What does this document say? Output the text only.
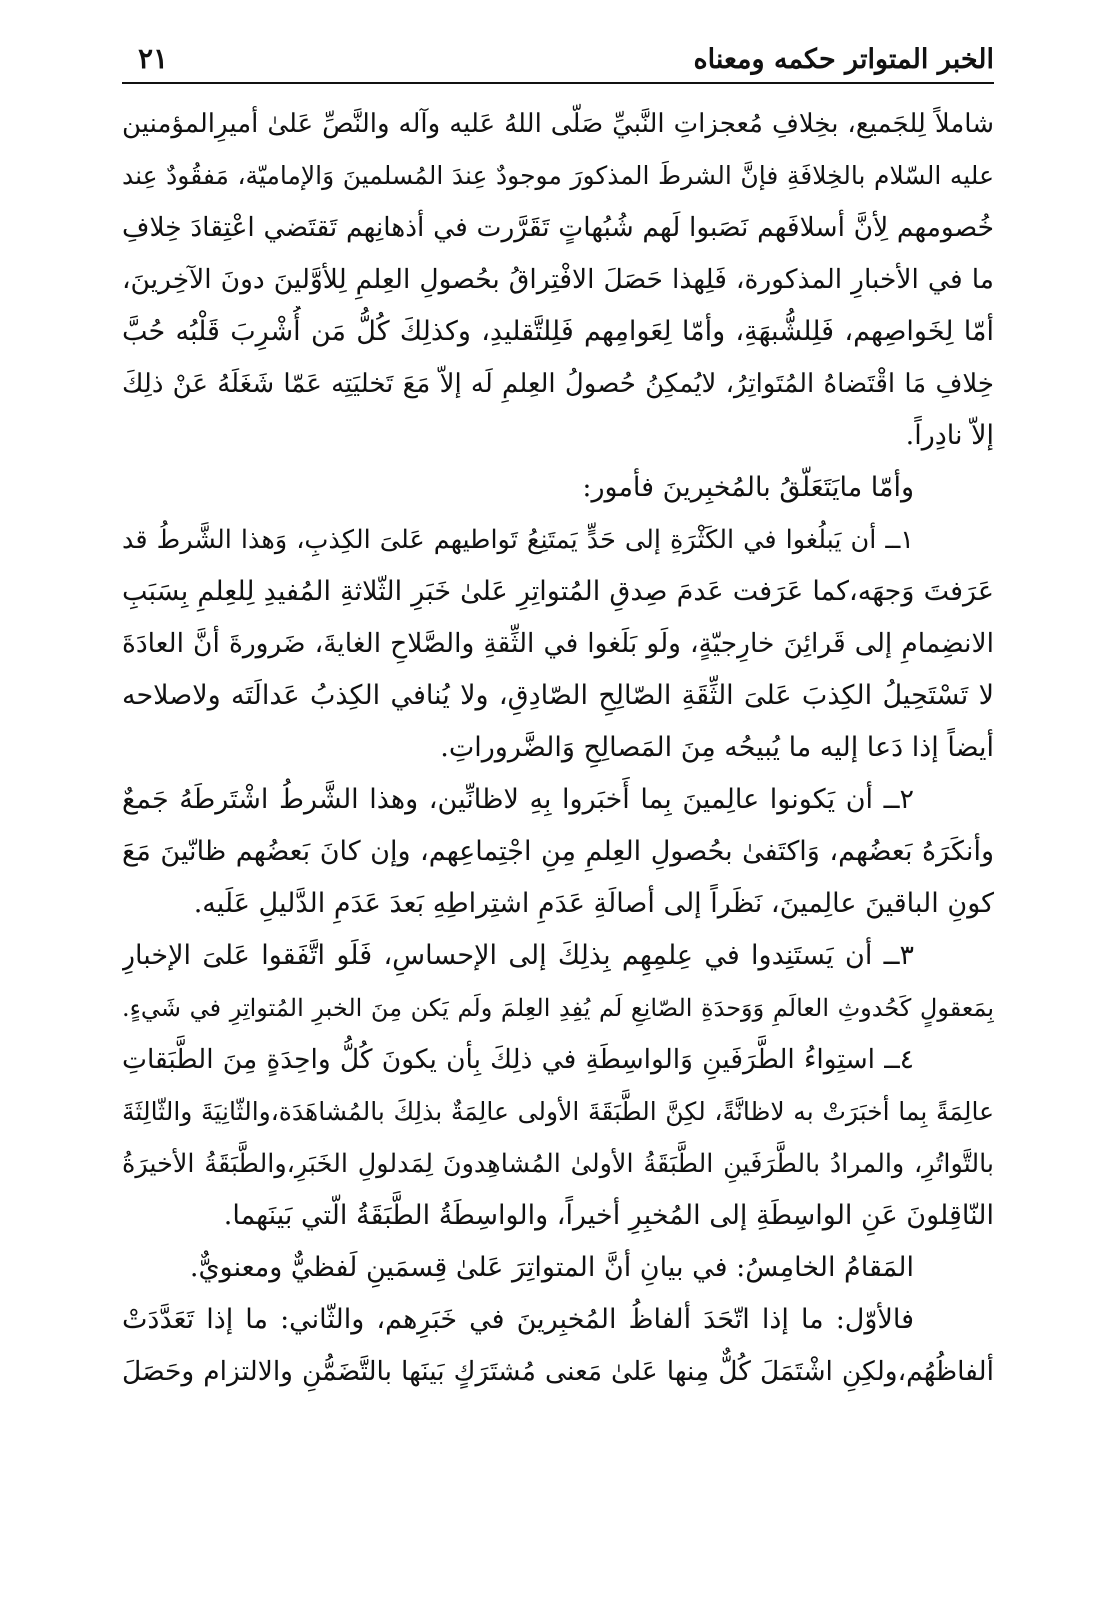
الخبر المتواتر حكمه ومعناه
٢١
شاملاً لِلجَميع، بخِلافِ مُعجزاتِ النَّبيِّ صَلّى اللهُ عَليه وآله والنَّصِّ عَلىٰ أميرِالمؤمنين
عليه السّلام بالخِلافَةِ فإنَّ الشرطَ المذكورَ موجودٌ عِندَ المُسلمينَ وَالإماميّة، مَفقُودٌ عِند
خُصومهم لِأنَّ أسلافَهم نَصَبوا لَهم شُبُهاتٍ تَقَرَّرت في أذهانِهم تَقتَضي اعْتِقادَ خِلافِ
ما في الأخبارِ المذكورة، فَلِهذا حَصَلَ الافْتِراقُ بحُصولِ العِلمِ لِلأوَّلينَ دونَ الآخِرينَ،
أمّا لِخَواصِهم، فَلِلشُّبهَةِ، وأمّا لِعَوامِهم فَلِلتَّقليدِ، وكذلِكَ كُلُّ مَن أُشْرِبَ قَلْبُه حُبَّ
خِلافِ مَا اقْتَضاهُ المُتَواتِرُ، لايُمكِنُ حُصولُ العِلمِ لَه إلاّ مَعَ تَخليَتِه عَمّا شَغَلَهُ عَنْ ذلِكَ
إلاّ نادِراً.
وأمّا مايَتَعَلّقُ بالمُخبِرينَ فأمور:
١ــ أن يَبلُغوا في الكَثْرَةِ إلى حَدٍّ يَمتَنِعُ تَواطيهم عَلىَ الكِذبِ، وَهذا الشَّرطُ قد
عَرَفتَ وَجهَه،كما عَرَفت عَدمَ صِدقِ المُتواتِرِ عَلىٰ خَبَرِ الثّلاثةِ المُفيدِ لِلعِلمِ بِسَبَبِ
الانضِمامِ إلى قَرائِنَ خارِجيّةٍ، ولَو بَلَغوا في الثِّقةِ والصَّلاحِ الغايةَ، ضَرورةَ أنَّ العادَةَ
لا تَسْتَحِيلُ الكِذبَ عَلىَ الثِّقَةِ الصّالِحِ الصّادِقِ، ولا يُنافي الكِذبُ عَدالَتَه ولاصلاحه
أيضاً إذا دَعا إليه ما يُبيحُه مِنَ المَصالِحِ وَالضَّروراتِ.
٢ــ أن يَكونوا عالِمينَ بِما أَخبَروا بِهِ لاظانِّين، وهذا الشَّرطُ اشْتَرطَهُ جَمعٌ
وأنكَرَهُ بَعضُهم، وَاكتَفىٰ بحُصولِ العِلمِ مِنِ اجْتِماعِهم، وإن كانَ بَعضُهم ظانّينَ مَعَ
كونِ الباقينَ عالِمينَ، نَظَراً إلى أصالَةِ عَدَمِ اشتِراطِهِ بَعدَ عَدَمِ الدَّليلِ عَلَيه.
٣ــ أن يَستَنِدوا في عِلمِهِم بِذلِكَ إلى الإحساسِ، فَلَو اتَّفَقوا عَلىَ الإخبارِ
بِمَعقولٍ كَحُدوثِ العالَمِ وَوَحدَةِ الصّانِعِ لَم يُفِدِ العِلمَ ولَم يَكن مِنَ الخبرِ المُتواتِرِ في شَيءٍ.
٤ــ استِواءُ الطَّرَفَينِ وَالواسِطَةِ في ذلِكَ بِأن يكونَ كُلُّ واحِدَةٍ مِنَ الطَّبَقاتِ
عالِمَةً بِما أخبَرَتْ به لاظانَّةً، لكِنَّ الطَّبَقَةَ الأولى عالِمَةٌ بذلِكَ بالمُشاهَدَة،والثّانِيَةَ والثّالِثَةَ
بالتَّواتُرِ، والمرادُ بالطَّرَفَينِ الطَّبَقَةُ الأولىٰ المُشاهِدونَ لِمَدلولِ الخَبَرِ،والطَّبَقَةُ الأخيرَةُ
النّاقِلونَ عَنِ الواسِطَةِ إلى المُخبِرِ أخيراً، والواسِطَةُ الطَّبَقَةُ الّتي بَينَهما.
المَقامُ الخامِسُ: في بيانِ أنَّ المتواتِرَ عَلىٰ قِسمَينِ لَفظيٌّ ومعنويٌّ.
فالأوّل: ما إذا اتّحَدَ ألفاظُ المُخبِرينَ في خَبَرِهم، والثّاني: ما إذا تَعَدَّدَتْ
ألفاظُهُم،ولكِنِ اشْتَمَلَ كُلٌّ مِنها عَلىٰ مَعنى مُشتَرَكٍ بَينَها بالتَّضَمُّنِ والالتزام وحَصَلَ
